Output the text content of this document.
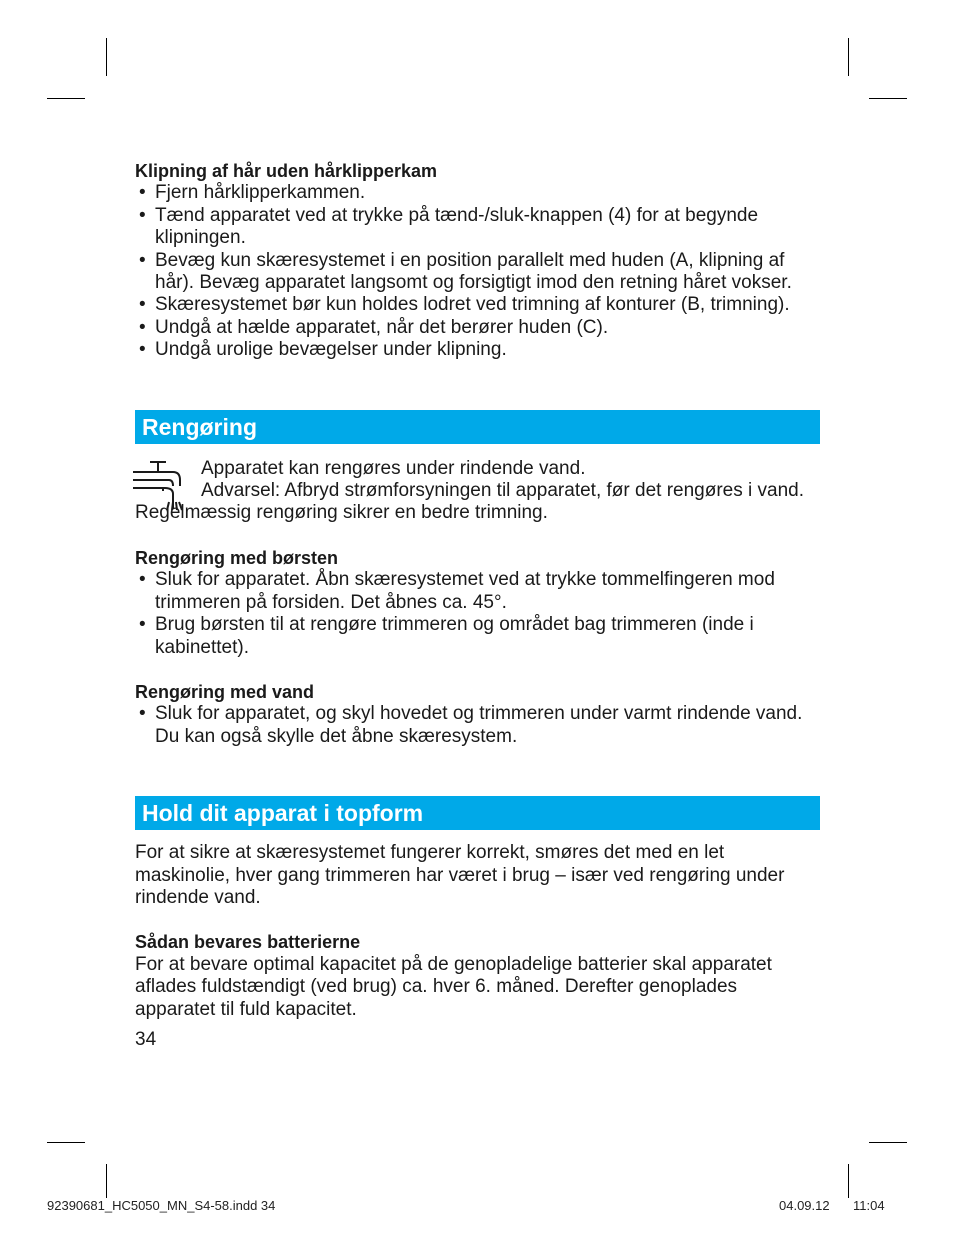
Klipning af hår uden hårklipperkam

• Fjern hårklipperkammen.
• Tænd apparatet ved at trykke på tænd-/sluk-knappen (4) for at begynde klipningen.
• Bevæg kun skæresystemet i en position parallelt med huden (A, klipning af hår). Bevæg apparatet langsomt og forsigtigt imod den retning håret vokser.
• Skæresystemet bør kun holdes lodret ved trimning af konturer (B, trimning).
• Undgå at hælde apparatet, når det berører huden (C).
• Undgå urolige bevægelser under klipning.
Rengøring

Apparatet kan rengøres under rindende vand.
Advarsel: Afbryd strømforsyningen til apparatet, før det rengøres i vand.

Regelmæssig rengøring sikrer en bedre trimning.

Rengøring med børsten

• Sluk for apparatet. Åbn skæresystemet ved at trykke tommelfingeren mod trimmeren på forsiden. Det åbnes ca. 45°.
• Brug børsten til at rengøre trimmeren og området bag trimmeren (inde i kabinettet).

Rengøring med vand

• Sluk for apparatet, og skyl hovedet og trimmeren under varmt rindende vand. Du kan også skylle det åbne skæresystem.
Hold dit apparat i topform

For at sikre at skæresystemet fungerer korrekt, smøres det med en let maskinolie, hver gang trimmeren har været i brug – især ved rengøring under rindende vand.

Sådan bevares batterierne

For at bevare optimal kapacitet på de genopladelige batterier skal apparatet aflades fuldstændigt (ved brug) ca. hver 6. måned. Derefter genoplades apparatet til fuld kapacitet.

34

92390681_HC5050_MN_S4-58.indd 34	04.09.12 11:04
